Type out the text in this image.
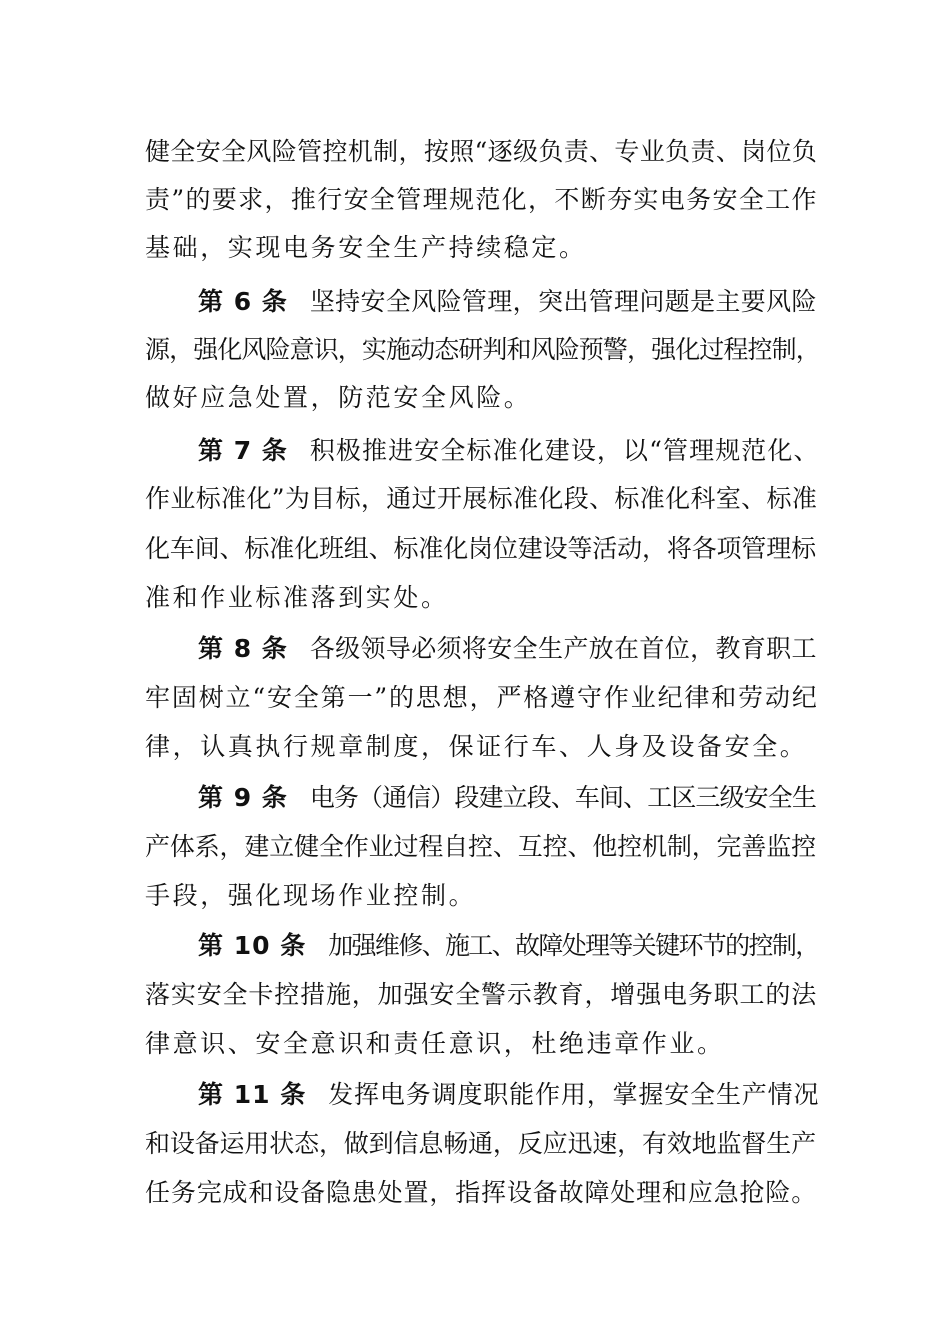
健全安全风险管控机制，按照“逐级负责、专业负责、岗位负
责”的要求，推行安全管理规范化，不断夯实电务安全工作
基础，实现电务安全生产持续稳定。
第 6 条 坚持安全风险管理，突出管理问题是主要风险
源，强化风险意识，实施动态研判和风险预警，强化过程控制，
做好应急处置，防范安全风险。
第 7 条 积极推进安全标准化建设，以“管理规范化、
作业标准化”为目标，通过开展标准化段、标准化科室、标准
化车间、标准化班组、标准化岗位建设等活动，将各项管理标
准和作业标准落到实处。
第 8 条 各级领导必须将安全生产放在首位，教育职工
牢固树立“安全第一”的思想，严格遵守作业纪律和劳动纪
律，认真执行规章制度，保证行车、人身及设备安全。
第 9 条 电务（通信）段建立段、车间、工区三级安全生
产体系，建立健全作业过程自控、互控、他控机制，完善监控
手段，强化现场作业控制。
第 10 条 加强维修、施工、故障处理等关键环节的控制，
落实安全卡控措施，加强安全警示教育，增强电务职工的法
律意识、安全意识和责任意识，杜绝违章作业。
第 11 条 发挥电务调度职能作用，掌握安全生产情况
和设备运用状态，做到信息畅通，反应迅速，有效地监督生产
任务完成和设备隐患处置，指挥设备故障处理和应急抢险。
